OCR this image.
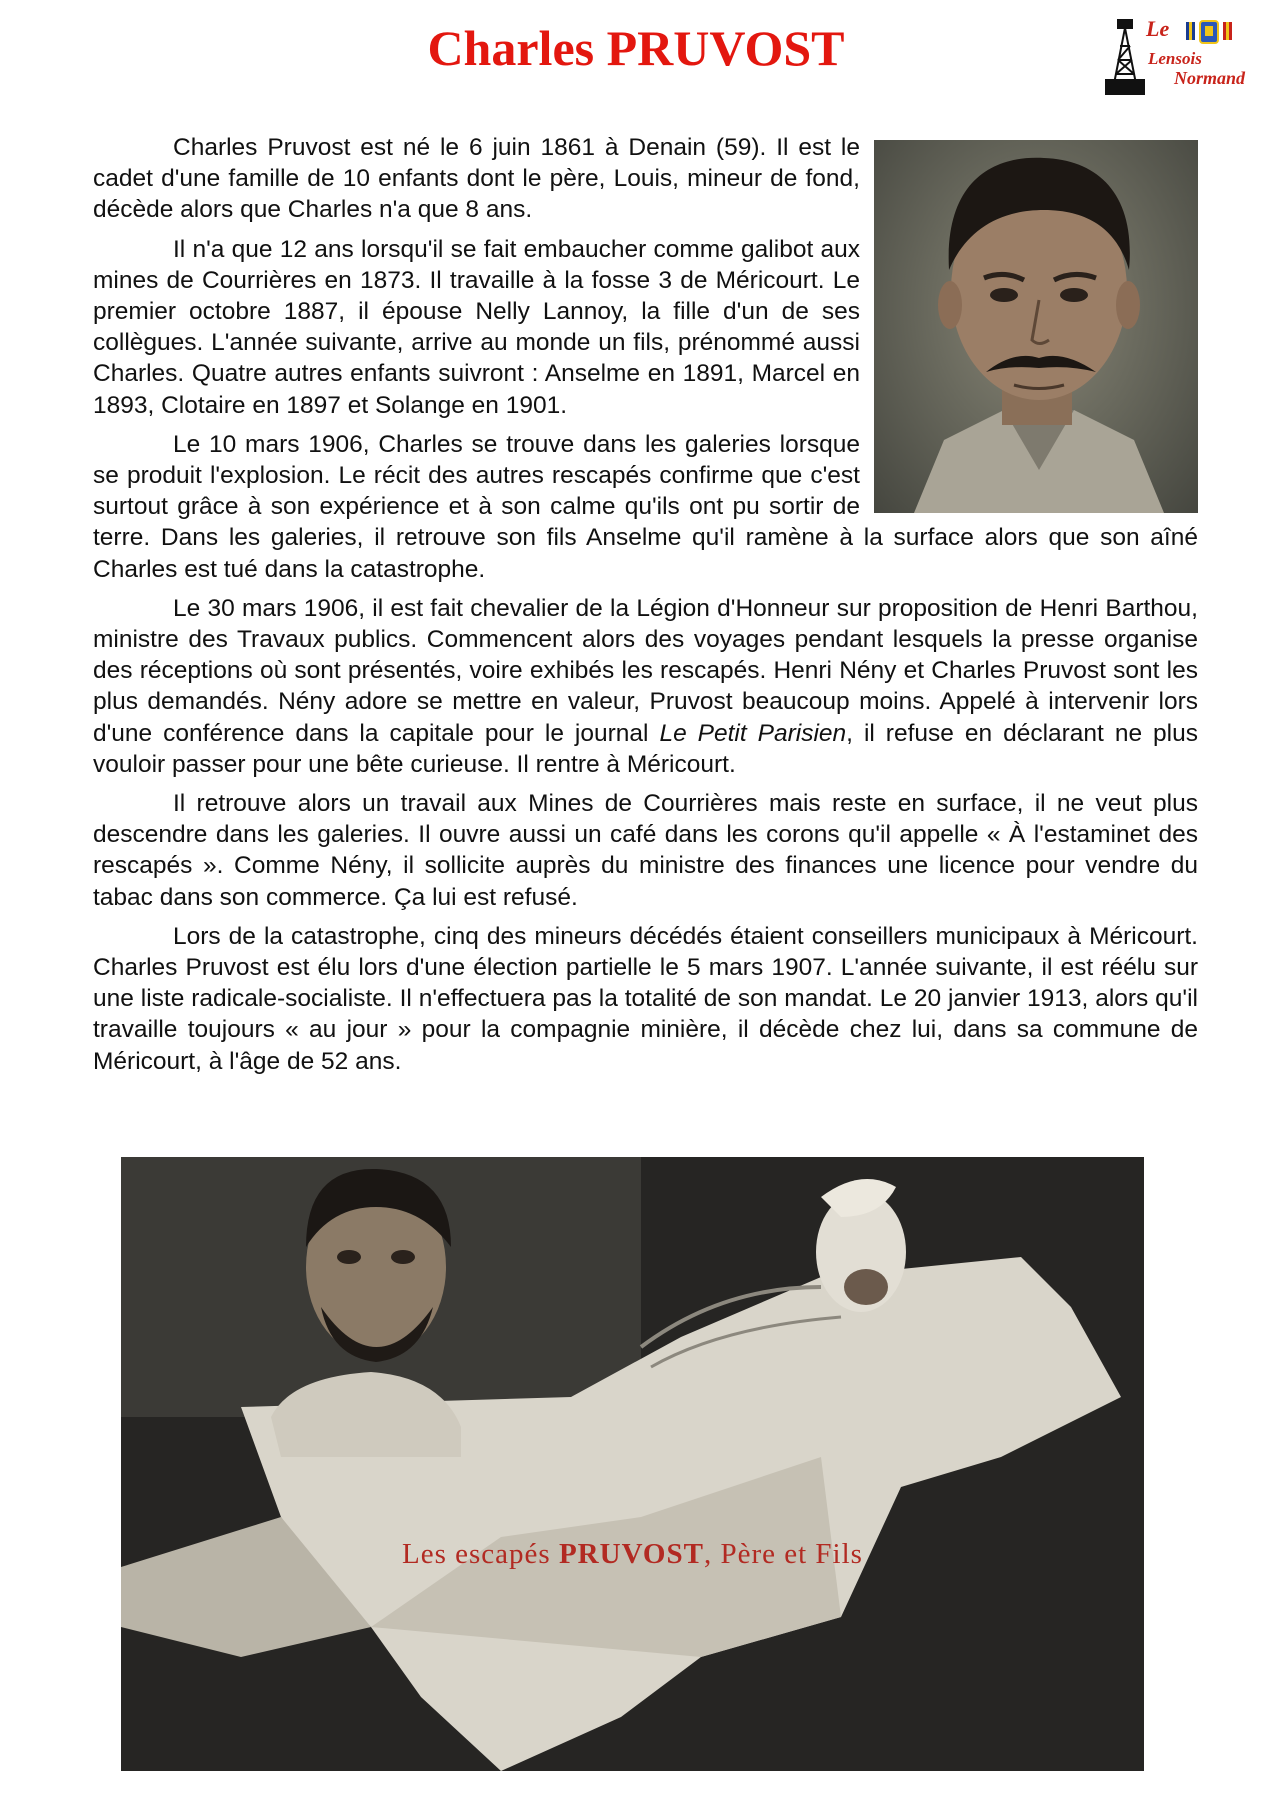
Charles PRUVOST	Le
Lensois
Normand

Charles Pruvost est né le 6 juin 1861 à Denain (59). Il est le cadet d'une famille de 10 enfants dont le père, Louis, mineur de fond, décède alors que Charles n'a que 8 ans.

Il n'a que 12 ans lorsqu'il se fait embaucher comme galibot aux mines de Courrières en 1873. Il travaille à la fosse 3 de Méricourt. Le premier octobre 1887, il épouse Nelly Lannoy, la fille d'un de ses collègues. L'année suivante, arrive au monde un fils, prénommé aussi Charles. Quatre autres enfants suivront : Anselme en 1891, Marcel en 1893, Clotaire en 1897 et Solange en 1901.

Le 10 mars 1906, Charles se trouve dans les galeries lorsque se produit l'explosion. Le récit des autres rescapés confirme que c'est surtout grâce à son expérience et à son calme qu'ils ont pu sortir de terre. Dans les galeries, il retrouve son fils Anselme qu'il ramène à la surface alors que son aîné Charles est tué dans la catastrophe.

Le 30 mars 1906, il est fait chevalier de la Légion d'Honneur sur proposition de Henri Barthou, ministre des Travaux publics. Commencent alors des voyages pendant lesquels la presse organise des réceptions où sont présentés, voire exhibés les rescapés. Henri Nény et Charles Pruvost sont les plus demandés. Nény adore se mettre en valeur, Pruvost beaucoup moins. Appelé à intervenir lors d'une conférence dans la capitale pour le journal Le Petit Parisien, il refuse en déclarant ne plus vouloir passer pour une bête curieuse. Il rentre à Méricourt.

Il retrouve alors un travail aux Mines de Courrières mais reste en surface, il ne veut plus descendre dans les galeries. Il ouvre aussi un café dans les corons qu'il appelle « À l'estaminet des rescapés ». Comme Nény, il sollicite auprès du ministre des finances une licence pour vendre du tabac dans son commerce. Ça lui est refusé.

Lors de la catastrophe, cinq des mineurs décédés étaient conseillers municipaux à Méricourt. Charles Pruvost est élu lors d'une élection partielle le 5 mars 1907. L'année suivante, il est réélu sur une liste radicale-socialiste. Il n'effectuera pas la totalité de son mandat. Le 20 janvier 1913, alors qu'il travaille toujours « au jour » pour la compagnie minière, il décède chez lui, dans sa commune de Méricourt, à l'âge de 52 ans.

Les escapés PRUVOST, Père et Fils
